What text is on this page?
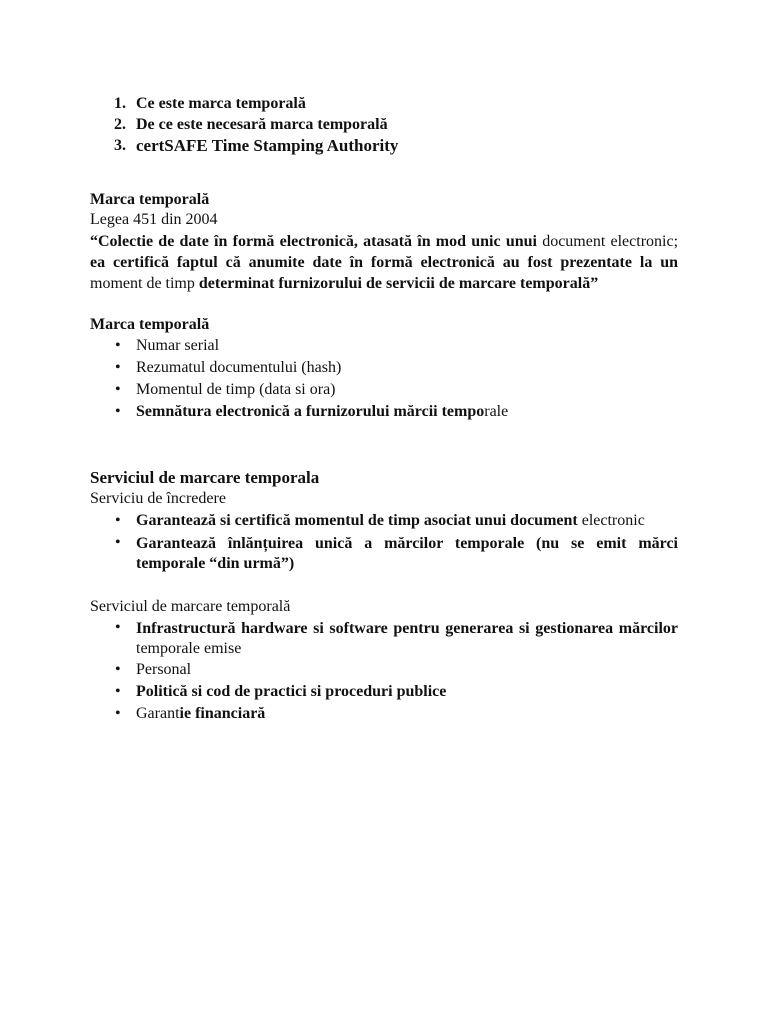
1. Ce este marca temporală
2. De ce este necesară marca temporală
3. certSAFE Time Stamping Authority
Marca temporală
Legea 451 din 2004
“Colectie de date în formă electronică, atasată în mod unic unui document electronic;
ea certifică faptul că anumite date în formă electronică au fost prezentate la un
moment de timp determinat furnizorului de servicii de marcare temporală”
Marca temporală
• Numar serial
• Rezumatul documentului (hash)
• Momentul de timp (data si ora)
• Semnătura electronică a furnizorului mărcii temporale
Serviciul de marcare temporala
Serviciu de încredere
• Garantează si certifică momentul de timp asociat unui document electronic
• Garantează înlănțuirea unică a mărcilor temporale (nu se emit mărci
temporale “din urmă”)
Serviciul de marcare temporală
• Infrastructură hardware si software pentru generarea si gestionarea mărcilor
temporale emise
• Personal
• Politică si cod de practici si proceduri publice
• Garantie financiară
